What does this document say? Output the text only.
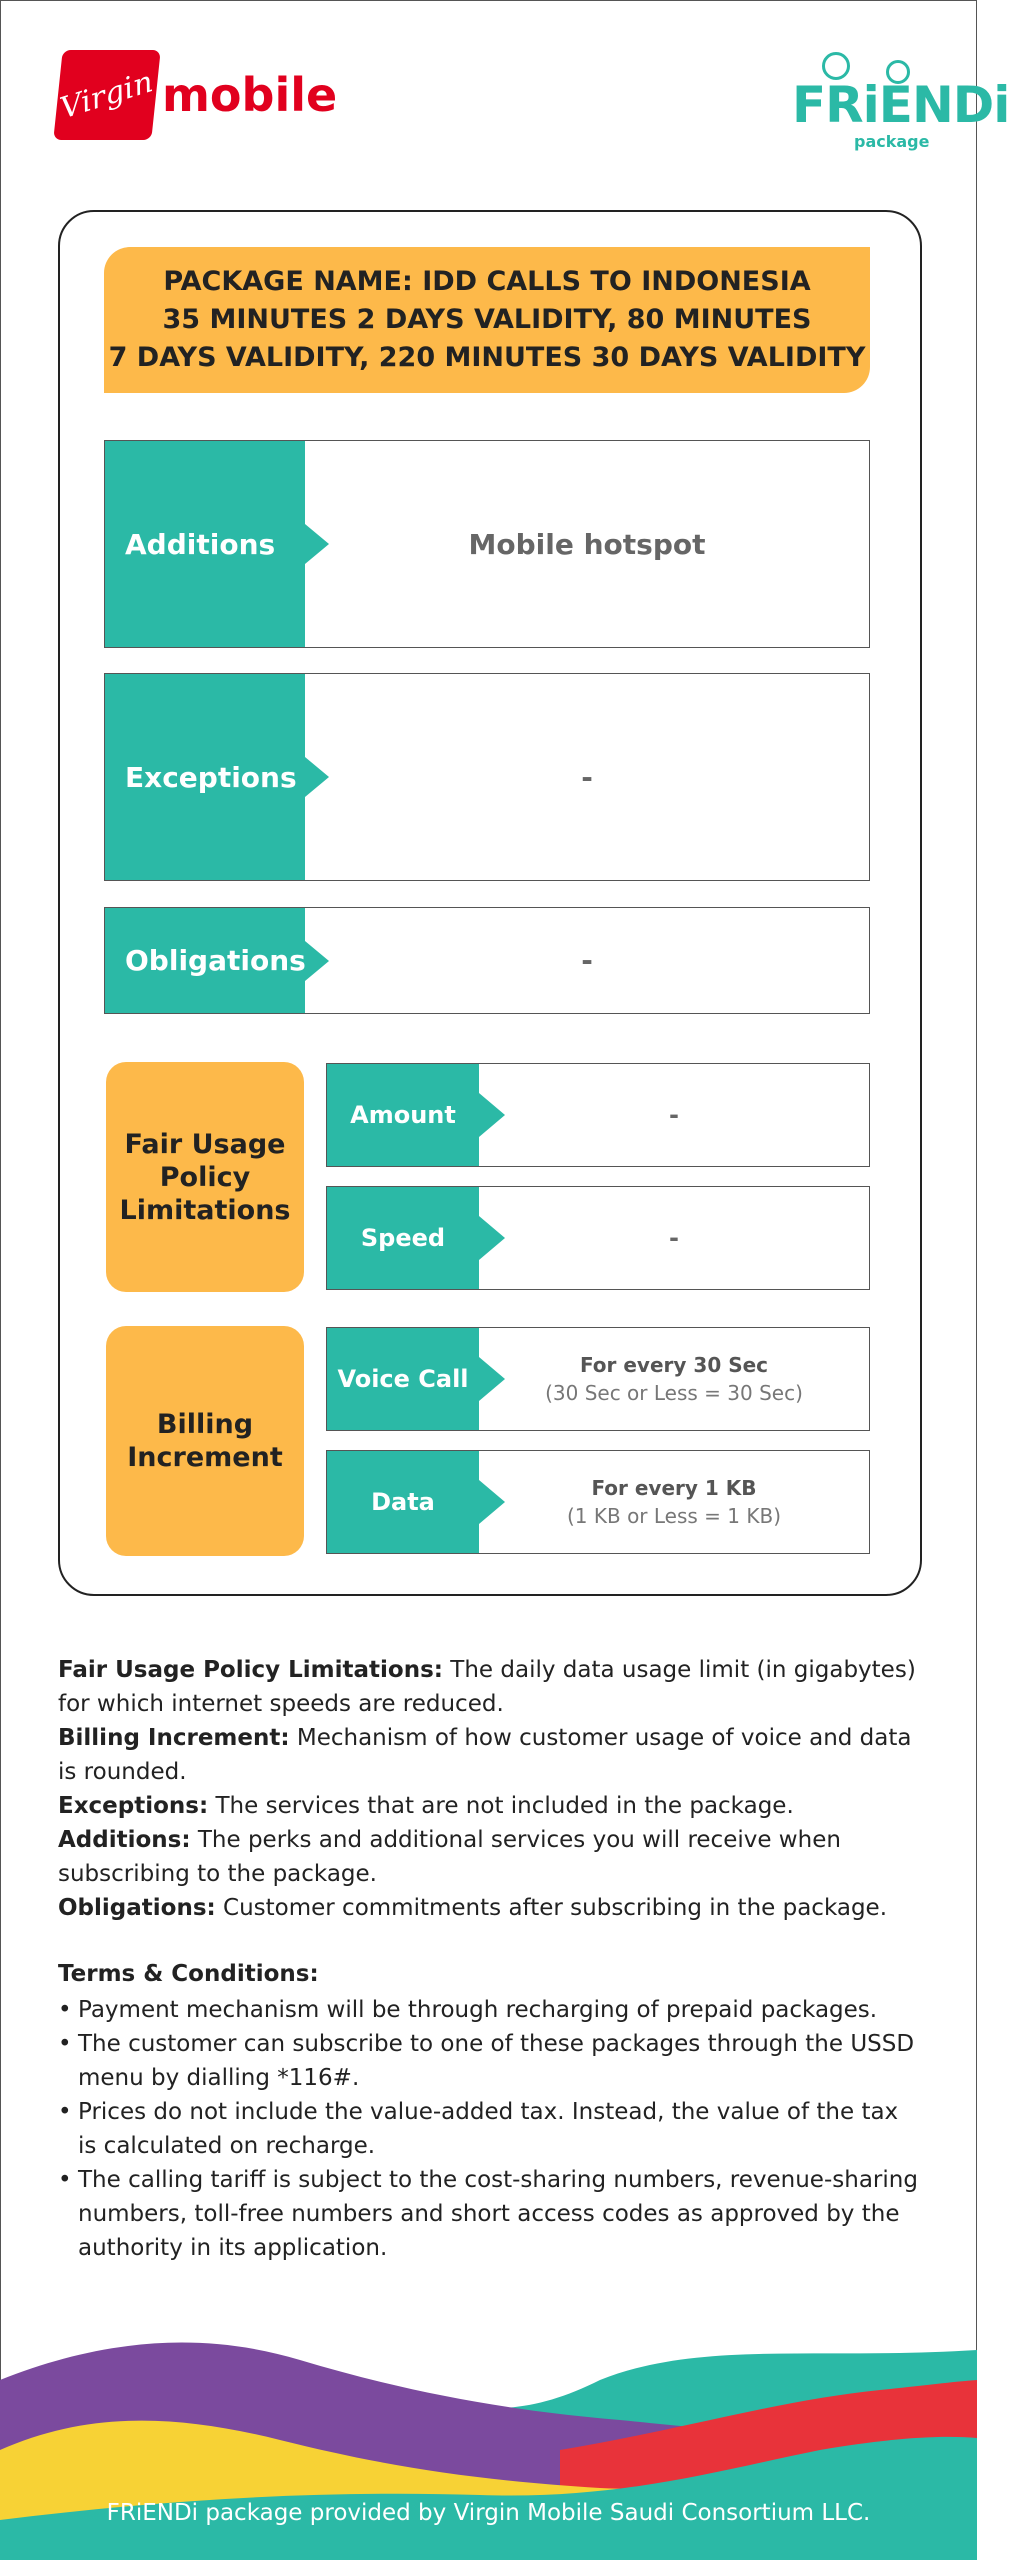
Virgin mobile	FRiENDi
package
PACKAGE NAME: IDD CALLS TO INDONESIA
35 MINUTES 2 DAYS VALIDITY, 80 MINUTES
7 DAYS VALIDITY, 220 MINUTES 30 DAYS VALIDITY
Additions	Mobile hotspot
Exceptions	-
Obligations	-
Fair Usage Policy Limitations
Amount	-
Speed	-
Billing Increment
Voice Call	For every 30 Sec
(30 Sec or Less = 30 Sec)
Data	For every 1 KB
(1 KB or Less = 1 KB)

Fair Usage Policy Limitations: The daily data usage limit (in gigabytes) for which internet speeds are reduced.

Billing Increment: Mechanism of how customer usage of voice and data is rounded.

Exceptions: The services that are not included in the package.

Additions: The perks and additional services you will receive when subscribing to the package.

Obligations: Customer commitments after subscribing in the package.

Terms & Conditions:

• Payment mechanism will be through recharging of prepaid packages.
• The customer can subscribe to one of these packages through the USSD menu by dialling *116#.
• Prices do not include the value-added tax. Instead, the value of the tax is calculated on recharge.
• The calling tariff is subject to the cost-sharing numbers, revenue-sharing numbers, toll-free numbers and short access codes as approved by the authority in its application.
FRiENDi package provided by Virgin Mobile Saudi Consortium LLC.
